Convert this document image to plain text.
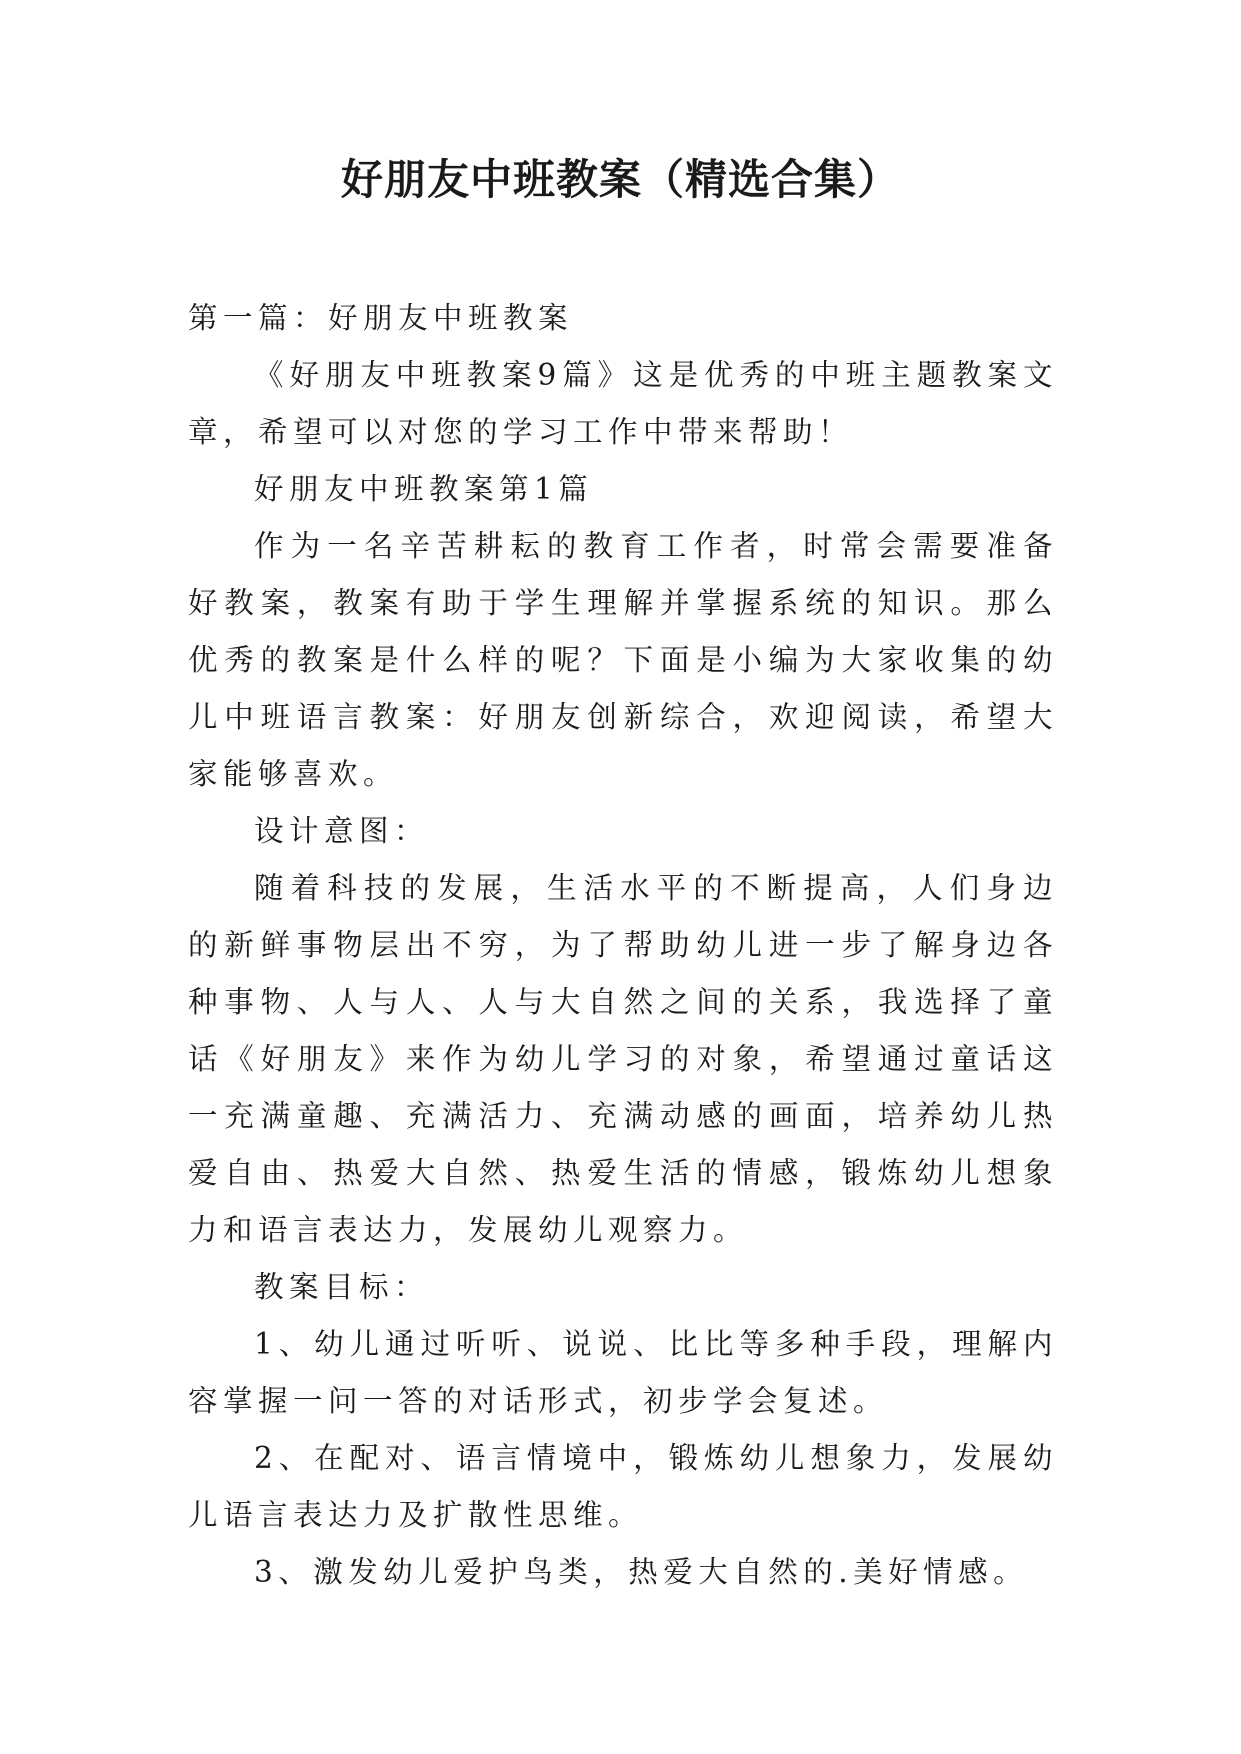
好朋友中班教案（精选合集）

第一篇：好朋友中班教案

《好朋友中班教案9篇》这是优秀的中班主题教案文章，希望可以对您的学习工作中带来帮助！

好朋友中班教案第1篇

作为一名辛苦耕耘的教育工作者，时常会需要准备好教案，教案有助于学生理解并掌握系统的知识。那么优秀的教案是什么样的呢？下面是小编为大家收集的幼儿中班语言教案：好朋友创新综合，欢迎阅读，希望大家能够喜欢。

设计意图：

随着科技的发展，生活水平的不断提高，人们身边的新鲜事物层出不穷，为了帮助幼儿进一步了解身边各种事物、人与人、人与大自然之间的关系，我选择了童话《好朋友》来作为幼儿学习的对象，希望通过童话这一充满童趣、充满活力、充满动感的画面，培养幼儿热爱自由、热爱大自然、热爱生活的情感，锻炼幼儿想象力和语言表达力，发展幼儿观察力。

教案目标：

1、幼儿通过听听、说说、比比等多种手段，理解内容掌握一问一答的对话形式，初步学会复述。

2、在配对、语言情境中，锻炼幼儿想象力，发展幼儿语言表达力及扩散性思维。

3、激发幼儿爱护鸟类，热爱大自然的.美好情感。
